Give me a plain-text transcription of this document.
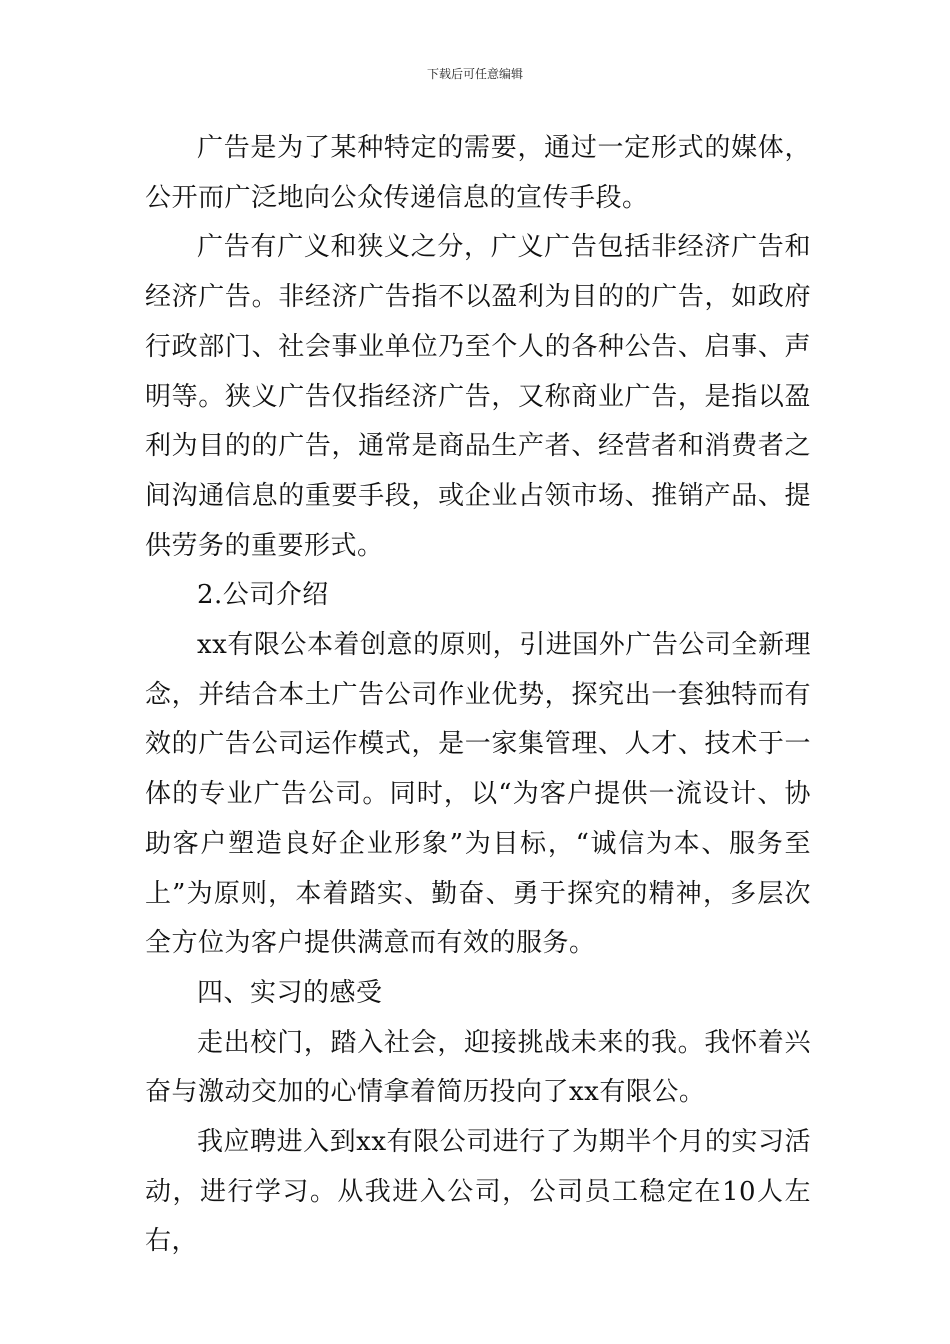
下载后可任意编辑

广告是为了某种特定的需要，通过一定形式的媒体，公开而广泛地向公众传递信息的宣传手段。

广告有广义和狭义之分，广义广告包括非经济广告和经济广告。非经济广告指不以盈利为目的的广告，如政府行政部门、社会事业单位乃至个人的各种公告、启事、声明等。狭义广告仅指经济广告，又称商业广告，是指以盈利为目的的广告，通常是商品生产者、经营者和消费者之间沟通信息的重要手段，或企业占领市场、推销产品、提供劳务的重要形式。

2.公司介绍

xx有限公本着创意的原则，引进国外广告公司全新理念，并结合本土广告公司作业优势，探究出一套独特而有效的广告公司运作模式，是一家集管理、人才、技术于一体的专业广告公司。同时，以“为客户提供一流设计、协助客户塑造良好企业形象”为目标，“诚信为本、服务至上”为原则，本着踏实、勤奋、勇于探究的精神，多层次全方位为客户提供满意而有效的服务。

四、实习的感受

走出校门，踏入社会，迎接挑战未来的我。我怀着兴奋与激动交加的心情拿着简历投向了xx有限公。

我应聘进入到xx有限公司进行了为期半个月的实习活动，进行学习。从我进入公司，公司员工稳定在10人左右，
